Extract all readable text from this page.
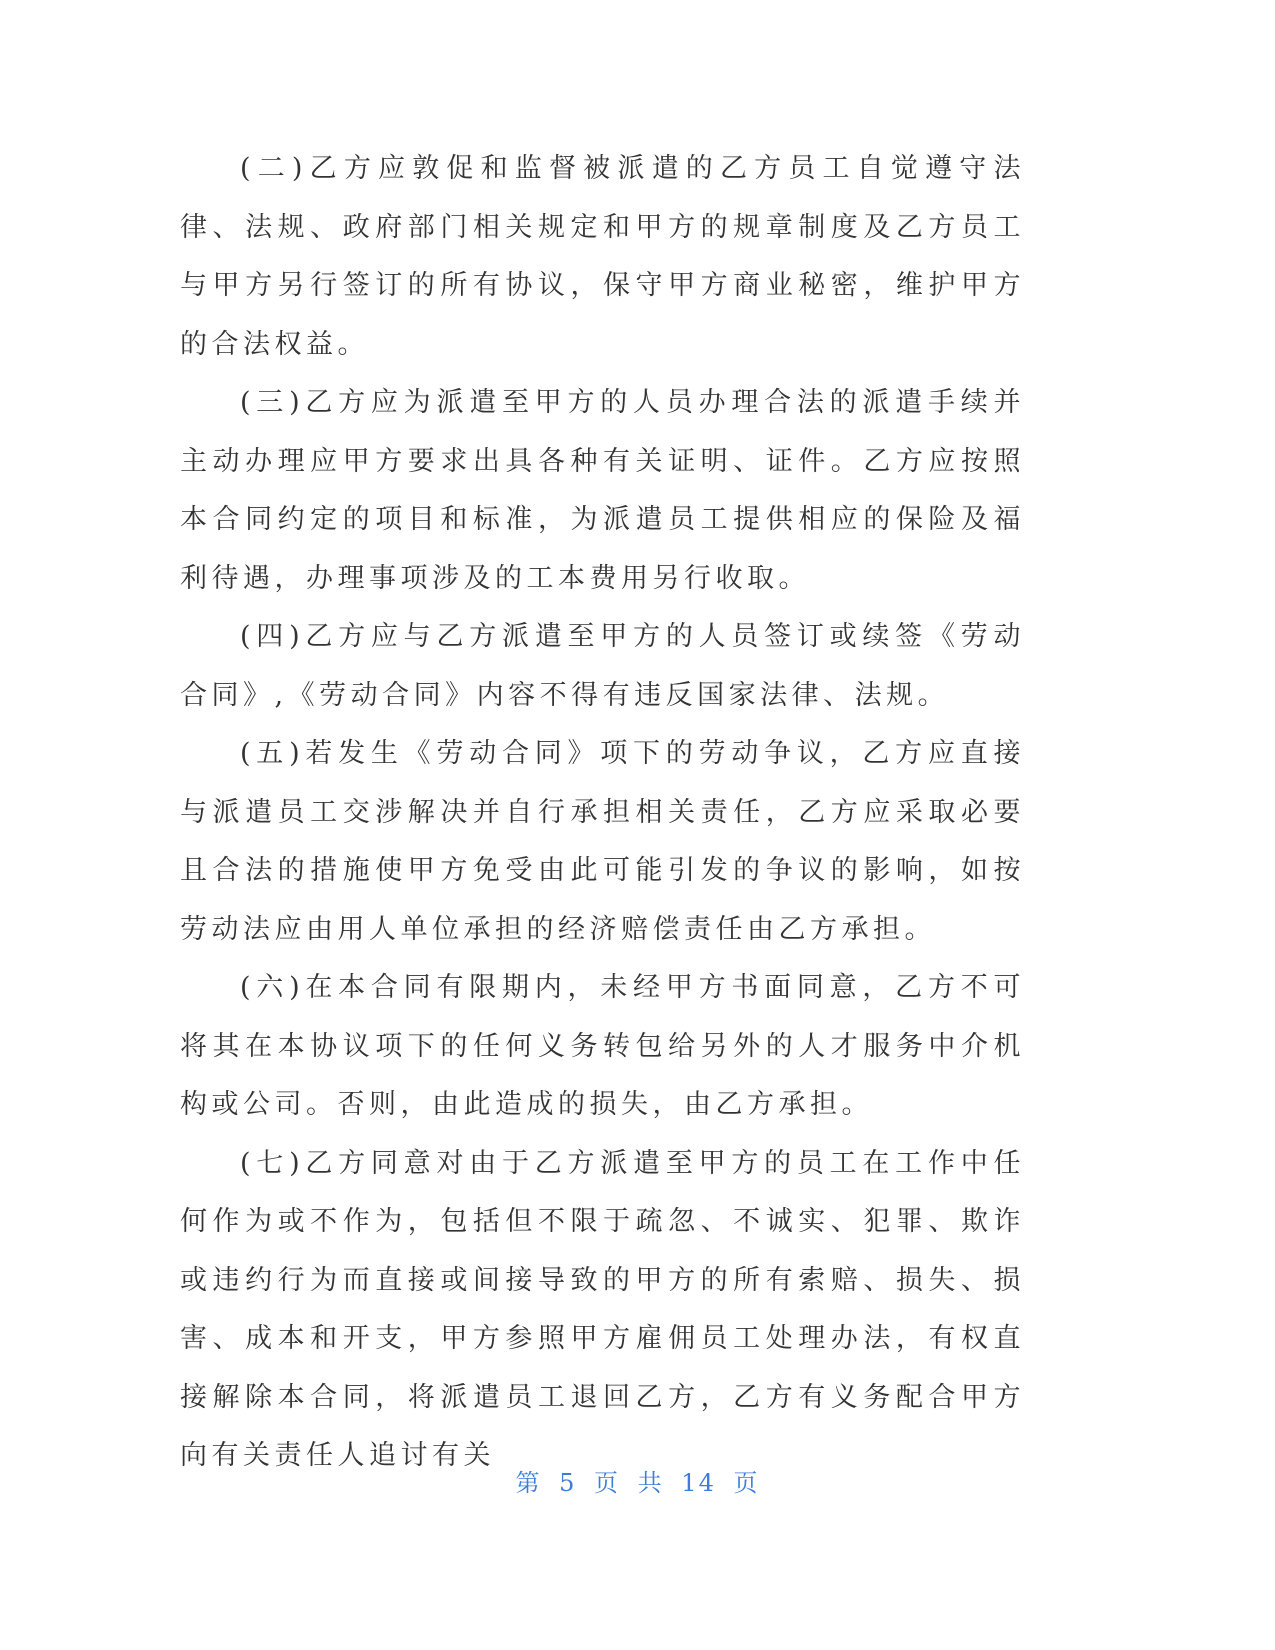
(二)乙方应敦促和监督被派遣的乙方员工自觉遵守法律、法规、政府部门相关规定和甲方的规章制度及乙方员工与甲方另行签订的所有协议，保守甲方商业秘密，维护甲方的合法权益。

(三)乙方应为派遣至甲方的人员办理合法的派遣手续并主动办理应甲方要求出具各种有关证明、证件。乙方应按照本合同约定的项目和标准，为派遣员工提供相应的保险及福利待遇，办理事项涉及的工本费用另行收取。

(四)乙方应与乙方派遣至甲方的人员签订或续签《劳动合同》,《劳动合同》内容不得有违反国家法律、法规。

(五)若发生《劳动合同》项下的劳动争议，乙方应直接与派遣员工交涉解决并自行承担相关责任，乙方应采取必要且合法的措施使甲方免受由此可能引发的争议的影响，如按劳动法应由用人单位承担的经济赔偿责任由乙方承担。

(六)在本合同有限期内，未经甲方书面同意，乙方不可将其在本协议项下的任何义务转包给另外的人才服务中介机构或公司。否则，由此造成的损失，由乙方承担。

(七)乙方同意对由于乙方派遣至甲方的员工在工作中任何作为或不作为，包括但不限于疏忽、不诚实、犯罪、欺诈或违约行为而直接或间接导致的甲方的所有索赔、损失、损害、成本和开支，甲方参照甲方雇佣员工处理办法，有权直接解除本合同，将派遣员工退回乙方，乙方有义务配合甲方向有关责任人追讨有关

第 5 页 共 14 页
